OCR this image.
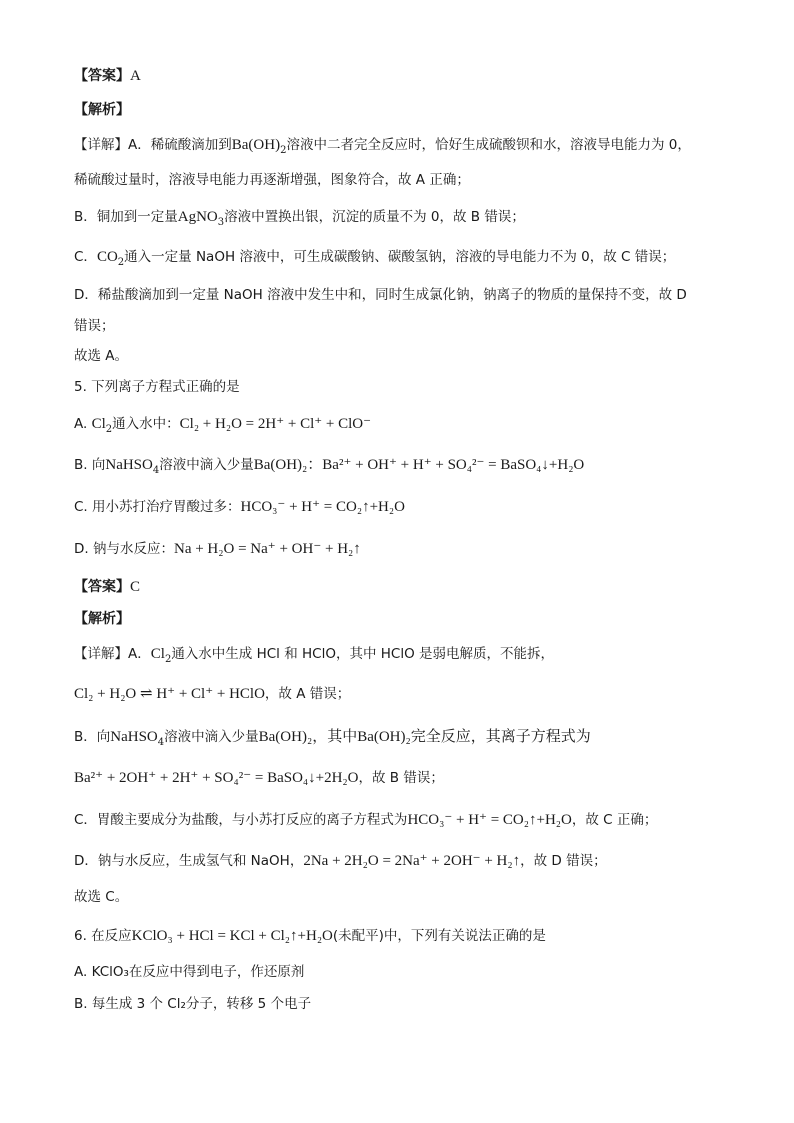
【答案】A
【解析】
【详解】A．稀硫酸滴加到$Ba(OH)_2$溶液中二者完全反应时，恰好生成硫酸钡和水，溶液导电能力为 0，
稀硫酸过量时，溶液导电能力再逐渐增强，图象符合，故 A 正确；
B．铜加到一定量AgNO$_3$溶液中置换出银，沉淀的质量不为 0，故 B 错误；
C．$CO_2$通入一定量 NaOH 溶液中，可生成碳酸钠、碳酸氢钠，溶液的导电能力不为 0，故 C 错误；
D．稀盐酸滴加到一定量 NaOH 溶液中发生中和，同时生成氯化钠，钠离子的物质的量保持不变，故 D
错误；
故选 A。
5. 下列离子方程式正确的是
A. $Cl_2$通入水中：Cl₂ + H₂O = 2H⁺ + Cl⁺ + ClO⁻
B. 向NaHSO$_4$溶液中滴入少量Ba(OH)₂：Ba²⁺ + OH⁺ + H⁺ + SO₄²⁻ = BaSO₄↓+H₂O
C. 用小苏打治疗胃酸过多：HCO₃⁻ + H⁺ = CO₂↑+H₂O
D. 钠与水反应：Na + H₂O = Na⁺ + OH⁻ + H₂↑
【答案】C
【解析】
【详解】A．$Cl_2$通入水中生成 HCl 和 HClO，其中 HClO 是弱电解质，不能拆，
Cl₂ + H₂O ⇌ H⁺ + Cl⁺ + HClO，故 A 错误；
B．向NaHSO$_4$溶液中滴入少量Ba(OH)₂，其中Ba(OH)₂完全反应，其离子方程式为
Ba²⁺ + 2OH⁺ + 2H⁺ + SO₄²⁻ = BaSO₄↓+2H₂O，故 B 错误；
C．胃酸主要成分为盐酸，与小苏打反应的离子方程式为HCO₃⁻ + H⁺ = CO₂↑+H₂O，故 C 正确；
D．钠与水反应，生成氢气和 NaOH，2Na + 2H₂O = 2Na⁺ + 2OH⁻ + H₂↑，故 D 错误；
故选 C。
6. 在反应KClO₃ + HCl = KCl + Cl₂↑+H₂O(未配平)中，下列有关说法正确的是
A. KClO₃在反应中得到电子，作还原剂
B. 每生成 3 个 Cl₂分子，转移 5 个电子
